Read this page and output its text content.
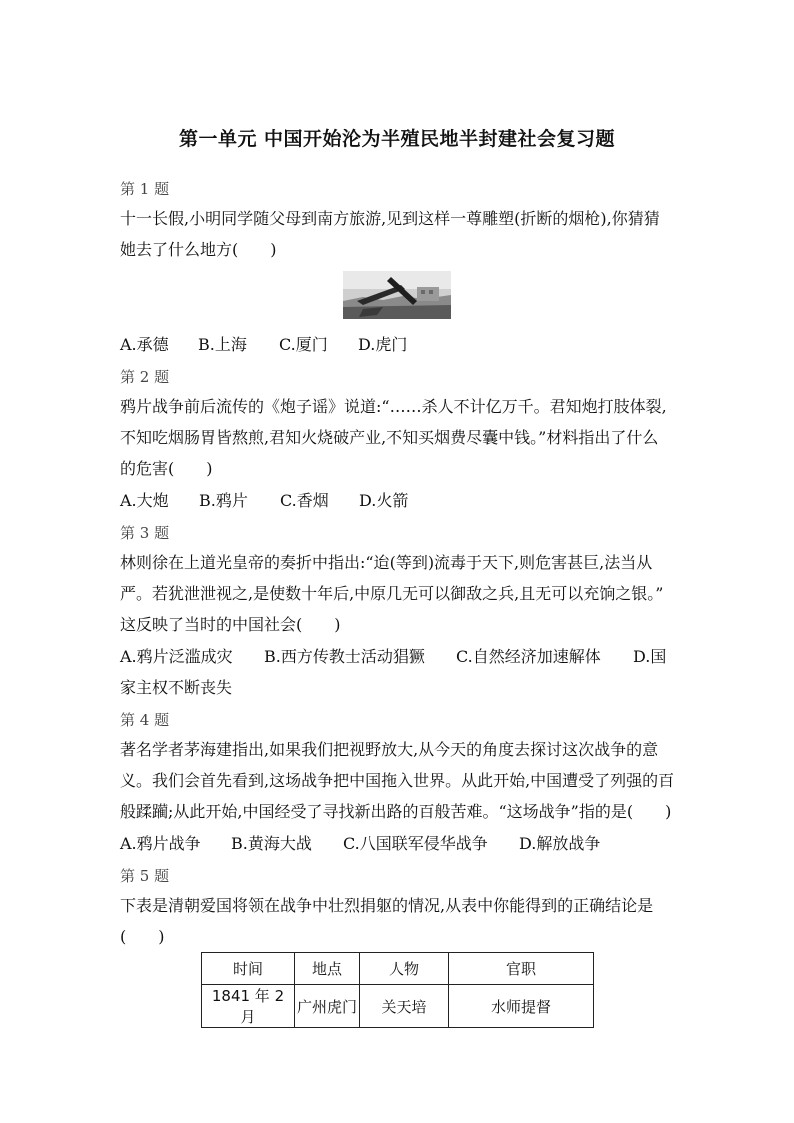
第一单元 中国开始沦为半殖民地半封建社会复习题
第 1 题
十一长假,小明同学随父母到南方旅游,见到这样一尊雕塑(折断的烟枪),你猜猜
她去了什么地方(　　)
A.承德 B.上海 C.厦门 D.虎门
第 2 题
鸦片战争前后流传的《炮子谣》说道:“……杀人不计亿万千。君知炮打肢体裂,
不知吃烟肠胃皆熬煎,君知火烧破产业,不知买烟费尽囊中钱。”材料指出了什么
的危害(　　)
A.大炮 B.鸦片 C.香烟 D.火箭
第 3 题
林则徐在上道光皇帝的奏折中指出:“迨(等到)流毒于天下,则危害甚巨,法当从
严。若犹泄泄视之,是使数十年后,中原几无可以御敌之兵,且无可以充饷之银。”
这反映了当时的中国社会(　　)
A.鸦片泛滥成灾 B.西方传教士活动猖獗 C.自然经济加速解体 D.国
家主权不断丧失
第 4 题
著名学者茅海建指出,如果我们把视野放大,从今天的角度去探讨这次战争的意
义。我们会首先看到,这场战争把中国拖入世界。从此开始,中国遭受了列强的百
般蹂躏;从此开始,中国经受了寻找新出路的百般苦难。“这场战争”指的是(　　)
A.鸦片战争 B.黄海大战 C.八国联军侵华战争 D.解放战争
第 5 题
下表是清朝爱国将领在战争中壮烈捐躯的情况,从表中你能得到的正确结论是
(　　)
时间	地点	人物	官职
1841 年 2 月	广州虎门	关天培	水师提督
